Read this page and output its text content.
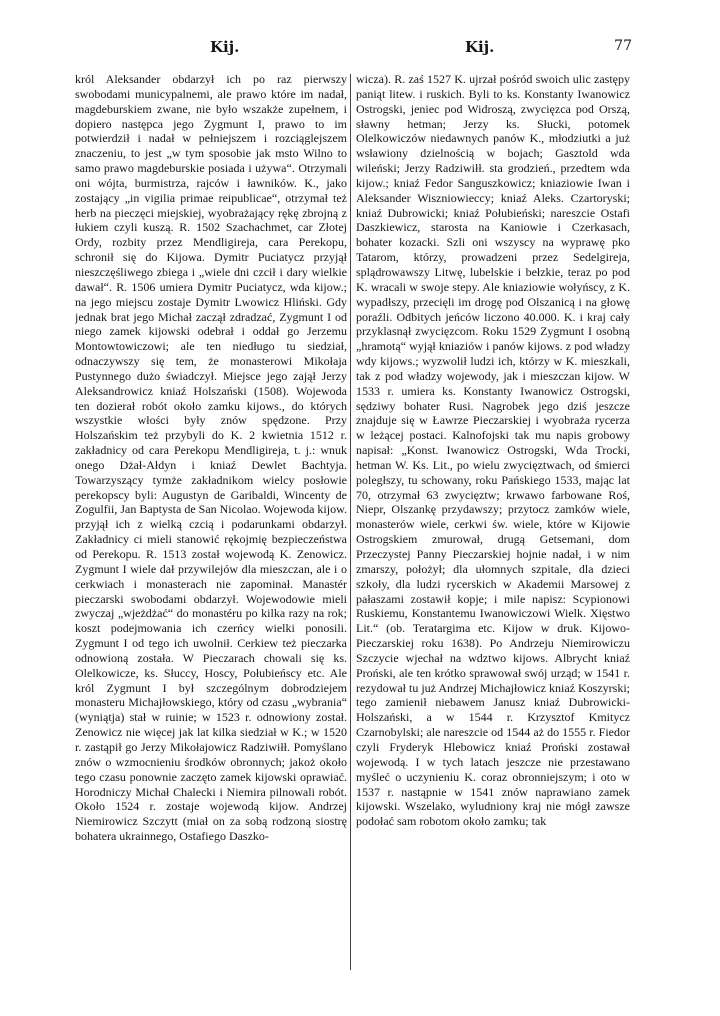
Kij.	Kij.	77

król Aleksander obdarzył ich po raz pierwszy swobodami municypalnemi, ale prawo które im nadał, magdeburskiem zwane, nie było wszakże zupełnem, i dopiero następca jego Zygmunt I, prawo to im potwierdził i nadał w pełniejszem i rozciąglejszem znaczeniu, to jest „w tym sposobie jak msto Wilno to samo prawo magdeburskie posiada i używa“. Otrzymali oni wójta, burmistrza, rajców i ławników. K., jako zostający „in vigilia primae reipublicae“, otrzymał też herb na pieczęci miejskiej, wyobrażający rękę zbrojną z łukiem czyli kuszą. R. 1502 Szachachmet, car Złotej Ordy, rozbity przez Mendligireja, cara Perekopu, schronił się do Kijowa. Dymitr Puciatycz przyjął nieszczęśliwego zbiega i „wiele dni czcił i dary wielkie dawał“. R. 1506 umiera Dymitr Puciatycz, wda kijow.; na jego miejscu zostaje Dymitr Lwowicz Hliński. Gdy jednak brat jego Michał zaczął zdradzać, Zygmunt I od niego zamek kijowski odebrał i oddał go Jerzemu Montowtowiczowi; ale ten niedługo tu siedział, odnaczywszy się tem, że monasterowi Mikołaja Pustynnego dużo świadczył. Miejsce jego zajął Jerzy Aleksandrowicz kniaź Holszański (1508). Wojewoda ten dozierał robót około zamku kijows., do których wszystkie włości były znów spędzone. Przy Holszańskim też przybyli do K. 2 kwietnia 1512 r. zakładnicy od cara Perekopu Mendligireja, t. j.: wnuk onego Dżał-Ałdyn i kniaź Dewlet Bachtyja. Towarzyszący tymże zakładnikom wielcy posłowie perekopscy byli: Augustyn de Garibaldi, Wincenty de Zogulfii, Jan Baptysta de San Nicolao. Wojewoda kijow. przyjął ich z wielką czcią i podarunkami obdarzył. Zakładnicy ci mieli stanowić rękojmię bezpieczeństwa od Perekopu. R. 1513 został wojewodą K. Zenowicz. Zygmunt I wiele dał przywilejów dla mieszczan, ale i o cerkwiach i monasterach nie zapominał. Manastér pieczarski swobodami obdarzył. Wojewodowie mieli zwyczaj „wjeżdżać“ do monastéru po kilka razy na rok; koszt podejmowania ich czerńcy wielki ponosili. Zygmunt I od tego ich uwolnił. Cerkiew też pieczarka odnowioną została. W Pieczarach chowali się ks. Olelkowicze, ks. Słuccy, Hoscy, Połubieńscy etc. Ale król Zygmunt I był szczególnym dobrodziejem monasteru Michajłowskiego, który od czasu „wybrania“ (wyniątja) stał w ruinie; w 1523 r. odnowiony został. Zenowicz nie więcej jak lat kilka siedział w K.; w 1520 r. zastąpił go Jerzy Mikołajowicz Radziwiłł. Pomyślano znów o wzmocnieniu środków obronnych; jakoż około tego czasu ponownie zaczęto zamek kijowski oprawiać. Horodniczy Michał Chalecki i Niemira pilnowali robót. Około 1524 r. zostaje wojewodą kijow. Andrzej Niemirowicz Szczytt (miał on za sobą rodzoną siostrę bohatera ukrainnego, Ostafiego Daszko-

wicza). R. zaś 1527 K. ujrzał pośród swoich ulic zastępy paniąt litew. i ruskich. Byli to ks. Konstanty Iwanowicz Ostrogski, jeniec pod Widroszą, zwycięzca pod Orszą, sławny hetman; Jerzy ks. Słucki, potomek Olelkowiczów niedawnych panów K., młodziutki a już wsławiony dzielnością w bojach; Gasztold wda wileński; Jerzy Radziwiłł. sta grodzień., przedtem wda kijow.; kniaź Fedor Sanguszkowicz; kniaziowie Iwan i Aleksander Wiszniowieccy; kniaź Aleks. Czartoryski; kniaź Dubrowicki; kniaź Połubieński; nareszcie Ostafi Daszkiewicz, starosta na Kaniowie i Czerkasach, bohater kozacki. Szli oni wszyscy na wyprawę pko Tatarom, którzy, prowadzeni przez Sedelgireja, splądrowawszy Litwę, lubelskie i bełzkie, teraz po pod K. wracali w swoje stepy. Ale kniaziowie wołyńscy, z K. wypadłszy, przecięli im drogę pod Olszanicą i na głowę poraźli. Odbitych jeńców liczono 40.000. K. i kraj cały przyklasnął zwycięzcom. Roku 1529 Zygmunt I osobną „hramotą“ wyjął kniaziów i panów kijows. z pod władzy wdy kijows.; wyzwolił ludzi ich, którzy w K. mieszkali, tak z pod władzy wojewody, jak i mieszczan kijow. W 1533 r. umiera ks. Konstanty Iwanowicz Ostrogski, sędziwy bohater Rusi. Nagrobek jego dziś jeszcze znajduje się w Ławrze Pieczarskiej i wyobraża rycerza w leżącej postaci. Kalnofojski tak mu napis grobowy napisał: „Konst. Iwanowicz Ostrogski, Wda Trocki, hetman W. Ks. Lit., po wielu zwycięztwach, od śmierci poległszy, tu schowany, roku Pańskiego 1533, mając lat 70, otrzymał 63 zwycięztw; krwawo farbowane Roś, Niepr, Olszankę przydawszy; przytocz zamków wiele, monasterów wiele, cerkwi św. wiele, które w Kijowie Ostrogskiem zmurował, drugą Getsemani, dom Przeczystej Panny Pieczarskiej hojnie nadał, i w nim zmarszy, położył; dla ułomnych szpitale, dla dzieci szkoły, dla ludzi rycerskich w Akademii Marsowej z pałaszami zostawił kopje; i mile napisz: Scypionowi Ruskiemu, Konstantemu Iwanowiczowi Wielk. Xięstwo Lit.“ (ob. Teratargima etc. Kijow w druk. Kijowo-Pieczarskiej roku 1638). Po Andrzeju Niemirowiczu Szczycie wjechał na wdztwo kijows. Albrycht kniaź Proński, ale ten krótko sprawował swój urząd; w 1541 r. rezydował tu już Andrzej Michajłowicz kniaź Koszyrski; tego zamienił niebawem Janusz kniaź Dubrowicki-Holszański, a w 1544 r. Krzysztof Kmitycz Czarnobylski; ale nareszcie od 1544 aż do 1555 r. Fiedor czyli Fryderyk Hlebowicz kniaź Proński zostawał wojewodą. I w tych latach jeszcze nie przestawano myśleć o uczynieniu K. coraz obronniejszym; i oto w 1537 r. nastąpnie w 1541 znów naprawiano zamek kijowski. Wszelako, wyludniony kraj nie mógł zawsze podołać sam robotom około zamku; tak
